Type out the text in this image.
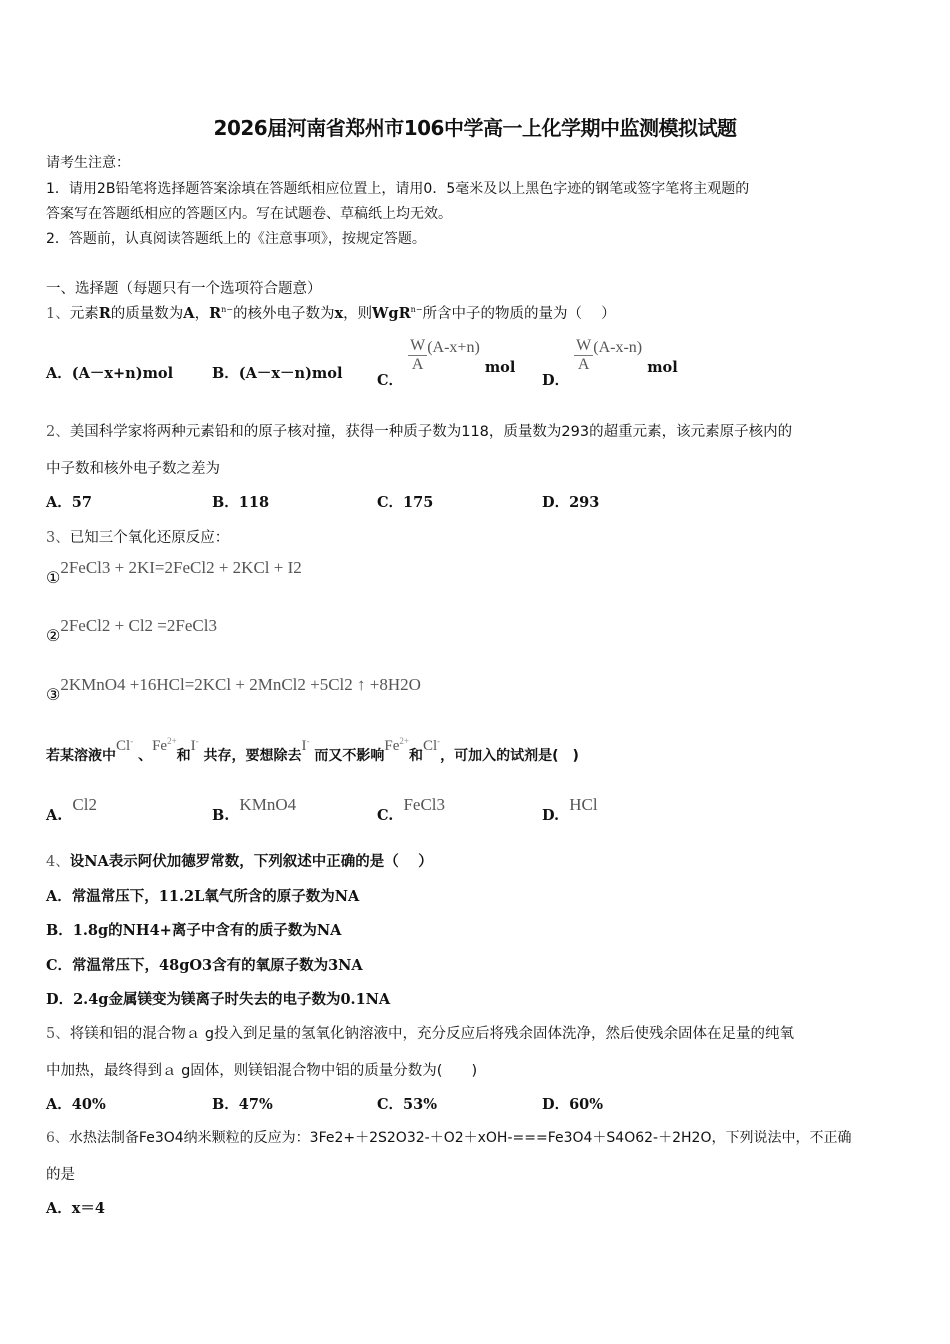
2026届河南省郑州市106中学高一上化学期中监测模拟试题
请考生注意：
1．请用2B铅笔将选择题答案涂填在答题纸相应位置上，请用0．5毫米及以上黑色字迹的钢笔或签字笔将主观题的
答案写在答题纸相应的答题区内。写在试题卷、草稿纸上均无效。
2．答题前，认真阅读答题纸上的《注意事项》，按规定答题。
一、选择题（每题只有一个选项符合题意）
1、元素R的质量数为A，$R^{n-}$的核外电子数为x，则WgR$^{n-}$所含中子的物质的量为（　 ）
A．(A－x+n)mol	B．(A－x－n)mol C．
$\frac{W}{A} (A-x+n)$ mol
D．
$\frac{W}{A} (A-x-n)$ mol
2、美国科学家将两种元素铅和的原子核对撞，获得一种质子数为118，质量数为293的超重元素，该元素原子核内的
中子数和核外电子数之差为
A．57	B．118	C．175	D．293
3、已知三个氧化还原反应：
①2FeCl3 + 2KI=2FeCl2 + 2KCl + I2
②2FeCl2 + Cl2 =2FeCl3
③2KMnO4 +16HCl=2KCl + 2MnCl2 +5Cl2 ↑ +8H2O
若某溶液中Cl- 、$Fe^{2+}$和I- 共存，要想除去I- 而又不影响$Fe^{2+}$和Cl-，可加入的试剂是(　)
A.  Cl2
B.  KMnO4
C.  FeCl3
D.  HCl
4、设NA表示阿伏加德罗常数，下列叙述中正确的是（　 ）
A．常温常压下，11.2L氧气所含的原子数为NA
B．1.8g的NH4+离子中含有的质子数为NA
C．常温常压下，48gO3含有的氧原子数为3NA
D．2.4g金属镁变为镁离子时失去的电子数为0.1NA
5、将镁和铝的混合物ａ g投入到足量的氢氧化钠溶液中，充分反应后将残余固体洗净，然后使残余固体在足量的纯氧
中加热，最终得到ａ g固体，则镁铝混合物中铝的质量分数为(　　)
A．40%	B．47%	C．53%	D．60%
6、水热法制备Fe3O4纳米颗粒的反应为：3Fe2+＋2S2O32-＋O2＋xOH-===Fe3O4＋S4O62-＋2H2O，下列说法中，不正确
的是
A．x＝4
